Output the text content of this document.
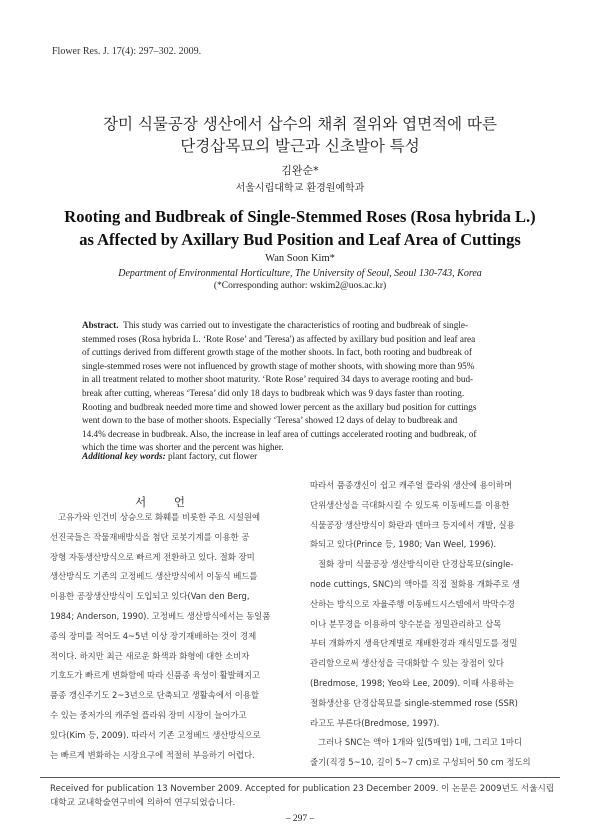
Flower Res. J. 17(4): 297–302. 2009.
장미 식물공장 생산에서 삽수의 채취 절위와 엽면적에 따른
단경삽목묘의 발근과 신초발아 특성
김완순*
서울시립대학교 환경원예학과
Rooting and Budbreak of Single-Stemmed Roses (Rosa hybrida L.)
as Affected by Axillary Bud Position and Leaf Area of Cuttings
Wan Soon Kim*
Department of Environmental Horticulture, The University of Seoul, Seoul 130-743, Korea
(*Corresponding author: wskim2@uos.ac.kr)
Abstract. This study was carried out to investigate the characteristics of rooting and budbreak of single-
stemmed roses (Rosa hybrida L. ‘Rote Rose’ and 'Teresa') as affected by axillary bud position and leaf area
of cuttings derived from different growth stage of the mother shoots. In fact, both rooting and budbreak of
single-stemmed roses were not influenced by growth stage of mother shoots, with showing more than 95%
in all treatment related to mother shoot maturity. ‘Rote Rose’ required 34 days to average rooting and bud-
break after cutting, whereas ‘Teresa’ did only 18 days to budbreak which was 9 days faster than rooting.
Rooting and budbreak needed more time and showed lower percent as the axillary bud position for cuttings
went down to the base of mother shoots. Especially ‘Teresa’ showed 12 days of delay to budbreak and
14.4% decrease in budbreak. Also, the increase in leaf area of cuttings accelerated rooting and budbreak, of
which the time was shorter and the percent was higher.
Additional key words: plant factory, cut flower
서 언
고유가와 인건비 상승으로 화훼를 비롯한 주요 시설원예
선진국들은 작물재배방식을 첨단 로봇기계를 이용한 공
장형 자동생산방식으로 빠르게 전환하고 있다. 절화 장미
생산방식도 기존의 고정베드 생산방식에서 이동식 베드를
이용한 공장생산방식이 도입되고 있다(Van den Berg,
1984; Anderson, 1990). 고정베드 생산방식에서는 동일품
종의 장미를 적어도 4~5년 이상 장기재배하는 것이 경제
적이다. 하지만 최근 새로운 화색과 화형에 대한 소비자
기호도가 빠르게 변화함에 따라 신품종 육성이 활발해지고
품종 갱신주기도 2~3년으로 단축되고 생활속에서 이용할
수 있는 중저가의 캐주얼 플라워 장미 시장이 늘어가고
있다(Kim 등, 2009). 따라서 기존 고정베드 생산방식으로
는 빠르게 변화하는 시장요구에 적절히 부응하기 어렵다.
따라서 품종갱신이 쉽고 캐주얼 플라워 생산에 용이하며
단위생산성을 극대화시킬 수 있도록 이동베드를 이용한
식물공장 생산방식이 화란과 덴마크 등지에서 개발, 실용
화되고 있다(Prince 등, 1980; Van Weel, 1996).
절화 장미 식물공장 생산방식이란 단경삽목묘(single-
node cuttings, SNC)의 액아를 직접 절화용 개화주로 생
산하는 방식으로 자율주행 이동베드시스템에서 박막수경
이나 분무경을 이용하여 양수분을 정밀관리하고 삽목
부터 개화까지 생육단계별로 재배환경과 재식밀도를 정밀
관리함으로써 생산성을 극대화할 수 있는 장점이 있다
(Bredmose, 1998; Yeo와 Lee, 2009). 이때 사용하는
절화생산용 단경삽목묘를 single-stemmed rose (SSR)
라고도 부른다(Bredmose, 1997).
그러나 SNC는 액아 1개와 잎(5매엽) 1매, 그리고 1마디
줄기(직경 5~10, 길이 5~7 cm)로 구성되어 50 cm 정도의
Received for publication 13 November 2009. Accepted for publication 23 December 2009. 이 논문은 2009년도 서울시립
대학교 교내학술연구비에 의하여 연구되었습니다.
– 297 –
